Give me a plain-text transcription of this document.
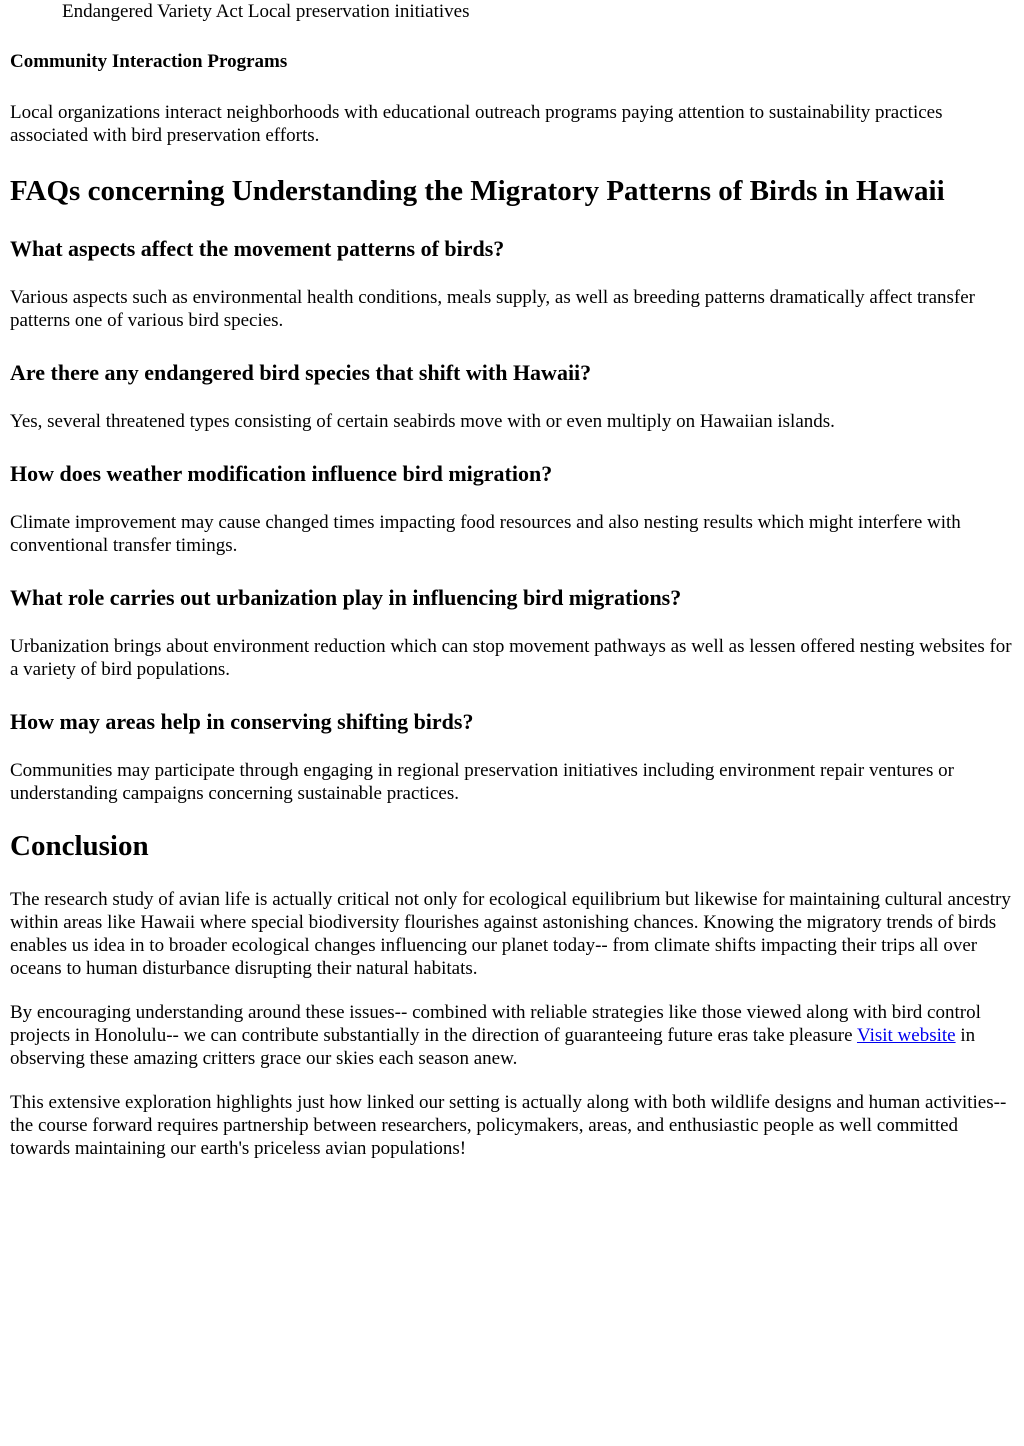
Endangered Variety Act Local preservation initiatives

Community Interaction Programs

Local organizations interact neighborhoods with educational outreach programs paying attention to sustainability practices associated with bird preservation efforts.

FAQs concerning Understanding the Migratory Patterns of Birds in Hawaii
What aspects affect the movement patterns of birds?

Various aspects such as environmental health conditions, meals supply, as well as breeding patterns dramatically affect transfer patterns one of various bird species.

Are there any endangered bird species that shift with Hawaii?

Yes, several threatened types consisting of certain seabirds move with or even multiply on Hawaiian islands.

How does weather modification influence bird migration?

Climate improvement may cause changed times impacting food resources and also nesting results which might interfere with conventional transfer timings.

What role carries out urbanization play in influencing bird migrations?

Urbanization brings about environment reduction which can stop movement pathways as well as lessen offered nesting websites for a variety of bird populations.

How may areas help in conserving shifting birds?

Communities may participate through engaging in regional preservation initiatives including environment repair ventures or understanding campaigns concerning sustainable practices.

Conclusion

The research study of avian life is actually critical not only for ecological equilibrium but likewise for maintaining cultural ancestry within areas like Hawaii where special biodiversity flourishes against astonishing chances. Knowing the migratory trends of birds enables us idea in to broader ecological changes influencing our planet today-- from climate shifts impacting their trips all over oceans to human disturbance disrupting their natural habitats.

By encouraging understanding around these issues-- combined with reliable strategies like those viewed along with bird control projects in Honolulu-- we can contribute substantially in the direction of guaranteeing future eras take pleasure Visit website in observing these amazing critters grace our skies each season anew.

This extensive exploration highlights just how linked our setting is actually along with both wildlife designs and human activities-- the course forward requires partnership between researchers, policymakers, areas, and enthusiastic people as well committed towards maintaining our earth's priceless avian populations!
